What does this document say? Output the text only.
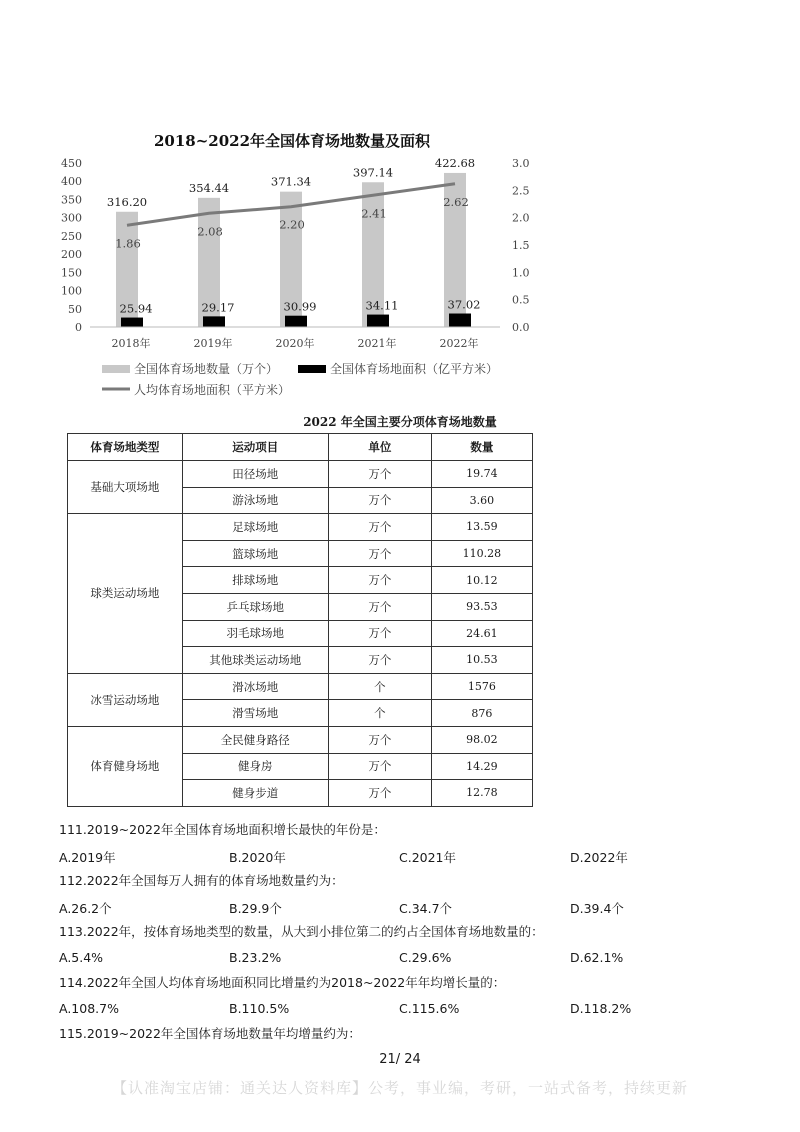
2018~2022年全国体育场地数量及面积
450
400
350
300
250
200
150
100
50
0
3.0
2.5
2.0
1.5
1.0
0.5
0.0
316.20
354.44	371.34
397.14
422.68
25.94	29.17	30.99	34.11	37.02
1.86
2.08	2.20
2.41
2.62
2018年	2019年	2020年	2021年	2022年
全国体育场地数量（万个）	全国体育场地面积（亿平方米）
人均体育场地面积（平方米）
2022 年全国主要分项体育场地数量
体育场地类型	运动项目	单位	数量
基础大项场地	田径场地	万个	19.74
	游泳场地	万个	3.60
球类运动场地	足球场地	万个	13.59
	篮球场地	万个	110.28
	排球场地	万个	10.12
	乒乓球场地	万个	93.53
	羽毛球场地	万个	24.61
	其他球类运动场地	万个	10.53
冰雪运动场地	滑冰场地	个	1576
	滑雪场地	个	876
体育健身场地	全民健身路径	万个	98.02
	健身房	万个	14.29
	健身步道	万个	12.78
111.2019~2022年全国体育场地面积增长最快的年份是：
A.2019年	B.2020年	C.2021年	D.2022年
112.2022年全国每万人拥有的体育场地数量约为：
A.26.2个	B.29.9个	C.34.7个	D.39.4个
113.2022年，按体育场地类型的数量，从大到小排位第二的约占全国体育场地数量的：
A.5.4%	B.23.2%	C.29.6%	D.62.1%
114.2022年全国人均体育场地面积同比增量约为2018~2022年年均增长量的：
A.108.7%	B.110.5%	C.115.6%	D.118.2%
115.2019~2022年全国体育场地数量年均增量约为：
21/ 24
【认准淘宝店铺：通关达人资料库】公考，事业编，考研，一站式备考，持续更新
